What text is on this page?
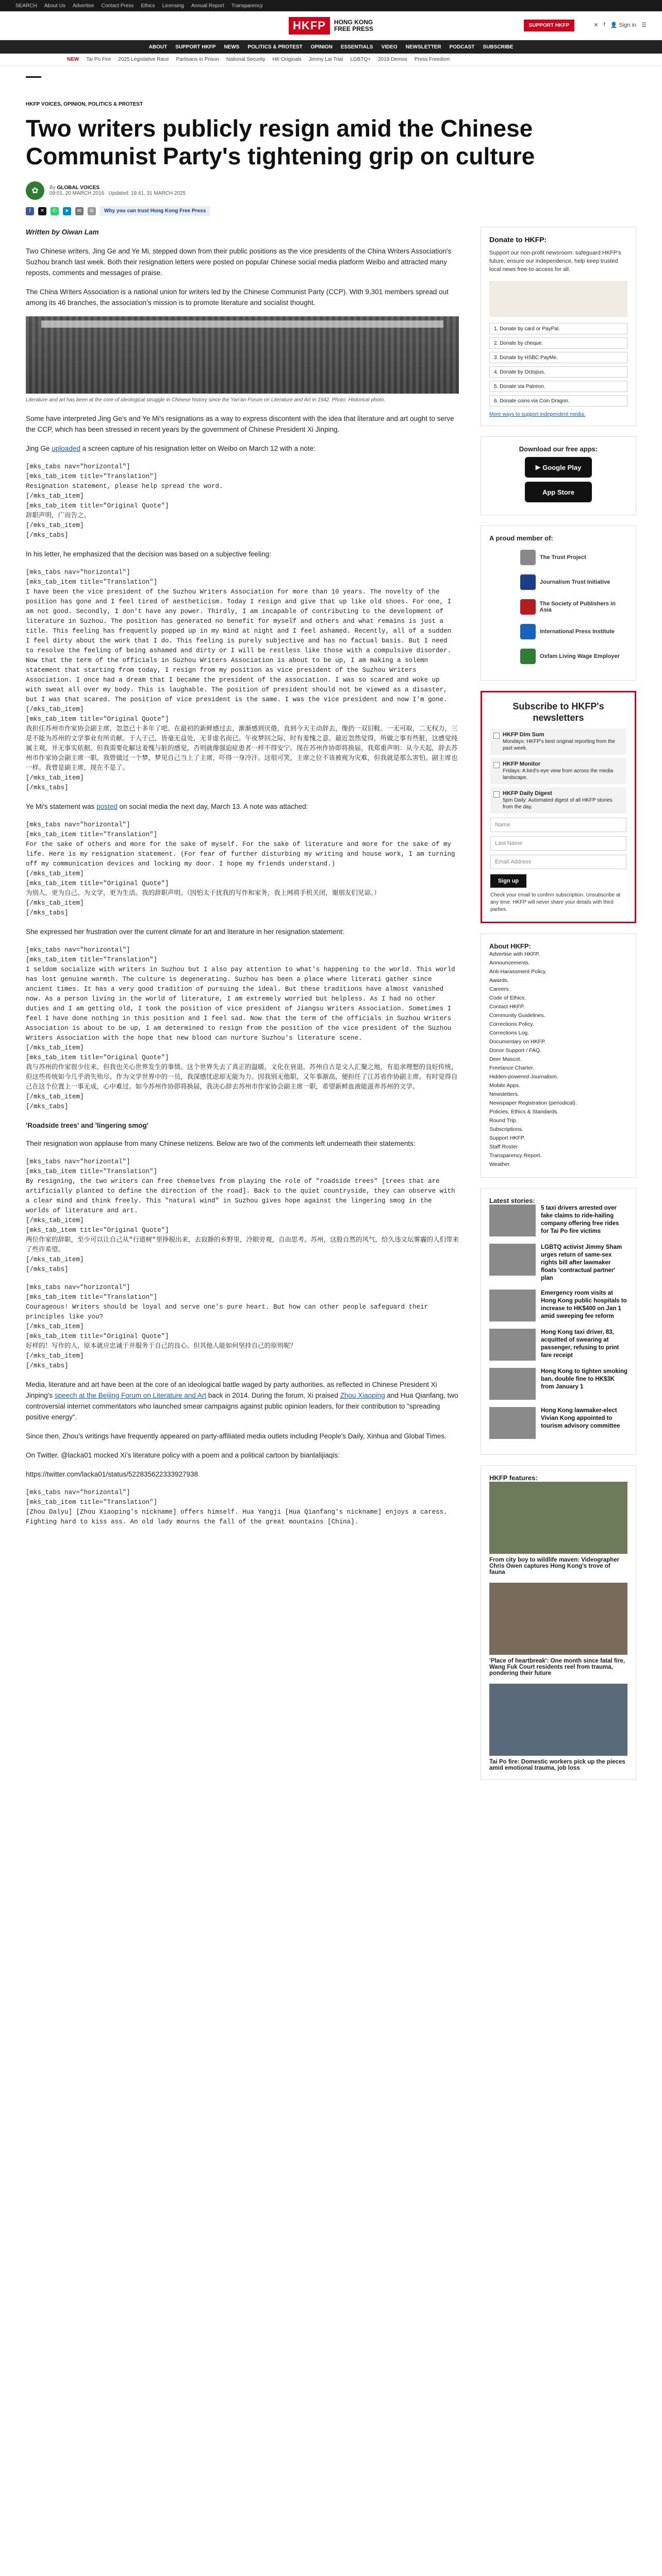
SEARCH About Us Advertise Contact Press Ethics Licensing Annual Report Transparency
HKFP	HONG KONG
FREE PRESS	SUPPORT HKFP	✕ f 👤 Sign in ☰
ABOUT SUPPORT HKFP NEWS POLITICS & PROTEST OPINION ESSENTIALS VIDEO NEWSLETTER PODCAST SUBSCRIBE
NEW Tai Po Fire 2025 Legislative Race Partisans in Prison National Security HK Originals Jimmy Lai Trial LGBTQ+ 2019 Demos Press Freedom
HKFP VOICES, OPINION, POLITICS & PROTEST
Two writers publicly resign amid the Chinese Communist Party's tightening grip on culture
✿	By GLOBAL VOICES
09:01, 20 MARCH 2016 Updated: 19:41, 31 MARCH 2025
f	✕	✆	➤	✉	⧉	Why you can trust Hong Kong Free Press

Written by Oiwan Lam

Two Chinese writers, Jing Ge and Ye Mi, stepped down from their public positions as the vice presidents of the China Writers Association's Suzhou branch last week. Both their resignation letters were posted on popular Chinese social media platform Weibo and attracted many reposts, comments and messages of praise.

The China Writers Association is a national union for writers led by the Chinese Communist Party (CCP). With 9,301 members spread out among its 46 branches, the association's mission is to promote literature and socialist thought.

Literature and art has been at the core of ideological struggle in Chinese history since the Yan'an Forum on Literature and Art in 1942. Photo: Historical photo.

Some have interpreted Jing Ge's and Ye Mi's resignations as a way to express discontent with the idea that literature and art ought to serve the CCP, which has been stressed in recent years by the government of Chinese President Xi Jinping.

Jing Ge uploaded a screen capture of his resignation letter on Weibo on March 12 with a note:

[mks_tabs nav="horizontal"]
[mks_tab_item title="Translation"]
Resignation statement, please help spread the word.
[/mks_tab_item]
[mks_tab_item title="Original Quote"]
辞职声明，广而告之。
[/mks_tab_item]
[/mks_tabs]

In his letter, he emphasized that the decision was based on a subjective feeling:

[mks_tabs nav="horizontal"]
[mks_tab_item title="Translation"]
I have been the vice president of the Suzhou Writers Association for more than 10 years. The novelty of the position has gone and I feel tired of aestheticism. Today I resign and give that up like old shoes. For one, I am not good. Secondly, I don't have any power. Thirdly, I am incapable of contributing to the development of literature in Suzhou. The position has generated no benefit for myself and others and what remains is just a title. This feeling has frequently popped up in my mind at night and I feel ashamed. Recently, all of a sudden I feel dirty about the work that I do. This feeling is purely subjective and has no factual basis. But I need to resolve the feeling of being ashamed and dirty or I will be restless like those with a compulsive disorder. Now that the term of the officials in Suzhou Writers Association is about to be up, I am making a solemn statement that starting from today, I resign from my position as vice president of the Suzhou Writers Association. I once had a dream that I became the president of the association. I was so scared and woke up with sweat all over my body. This is laughable. The position of president should not be viewed as a disaster, but I was that scared. The position of vice president is the same. I was the vice president and now I'm gone.
[/mks_tab_item]
[mks_tab_item title="Original Quote"]
我担任苏州市作家协会副主席，忽忽已十多年了吧。在最初的新鲜感过去，渐渐感到厌倦，直到今天主动辞去，像扔一双旧鞋。一无可取，二无权力，三是不能为苏州的文学事业有所贡献。于人于己，皆毫无益处，无非虚名而已。午夜梦回之际，时有羞愧之意。最近忽然觉得，所做之事有些脏，这感觉纯属主观，并无事实依据。但我需要化解这羞愧与脏的感觉，否则就像强迫症患者一样不得安宁。现在苏州作协即将换届，我郑重声明：从今天起，辞去苏州市作家协会副主席一职。我曾做过一个梦，梦见自己当上了主席，吓得一身冷汗。这很可笑，主席之位不该被视为灾难，但我就是那么害怕。副主席也一样。我曾是副主席，现在不是了。
[/mks_tab_item]
[/mks_tabs]

Ye Mi's statement was posted on social media the next day, March 13. A note was attached:

[mks_tabs nav="horizontal"]
[mks_tab_item title="Translation"]
For the sake of others and more for the sake of myself. For the sake of literature and more for the sake of my life. Here is my resignation statement. (For fear of further disturbing my writing and house work, I am turning off my communication devices and locking my door. I hope my friends understand.)
[/mks_tab_item]
[mks_tab_item title="Original Quote"]
为别人，更为自己。为文学，更为生活。我的辞职声明。（因怕太干扰我的写作和家务，我上网将手机关闭，谢朋友们见谅。）
[/mks_tab_item]
[/mks_tabs]

She expressed her frustration over the current climate for art and literature in her resignation statement:

[mks_tabs nav="horizontal"]
[mks_tab_item title="Translation"]
I seldom socialize with writers in Suzhou but I also pay attention to what's happening to the world. This world has lost genuine warmth. The culture is degenerating. Suzhou has been a place where literati gather since ancient times. It has a very good tradition of pursuing the ideal. But these traditions have almost vanished now. As a person living in the world of literature, I am extremely worried but helpless. As I had no other duties and I am getting old, I took the position of vice president of Jiangsu Writers Association. Sometimes I feel I have done nothing in this position and I feel sad. Now that the term of the officials in Suzhou Writers Association is about to be up, I am determined to resign from the position of the vice president of the Suzhou Writers Association with the hope that new blood can nurture Suzhou's literature scene.
[/mks_tab_item]
[mks_tab_item title="Original Quote"]
我与苏州的作家很少往来，但我也关心世界发生的事情。这个世界失去了真正的温暖，文化在衰退。苏州自古是文人汇聚之地，有追求理想的良好传统，但这些传统如今几乎消失殆尽。作为文学世界中的一员，我深感忧虑却无能为力。因我别无他职，又年事渐高，便担任了江苏省作协副主席。有时觉得自己在这个位置上一事无成，心中难过。如今苏州作协即将换届，我决心辞去苏州市作家协会副主席一职，希望新鲜血液能滋养苏州的文学。
[/mks_tab_item]
[/mks_tabs]
'Roadside trees' and 'lingering smog'

Their resignation won applause from many Chinese netizens. Below are two of the comments left underneath their statements:

[mks_tabs nav="horizontal"]
[mks_tab_item title="Translation"]
By resigning, the two writers can free themselves from playing the role of "roadside trees" [trees that are artificially planted to define the direction of the road]. Back to the quiet countryside, they can observe with a clear mind and think freely. This "natural wind" in Suzhou gives hope against the lingering smog in the worlds of literature and art.
[/mks_tab_item]
[mks_tab_item title="Original Quote"]
两位作家的辞职，至少可以让自己从"行道树"里挣脱出来，去寂静的乡野里，冷眼旁观，自由思考。苏州，这股自然的风气，给久违文坛雾霾的人们带来了些许希望。
[/mks_tab_item]
[/mks_tabs]
[mks_tabs nav="horizontal"]
[mks_tab_item title="Translation"]
Courageous! Writers should be loyal and serve one's pure heart. But how can other people safeguard their principles like you?
[/mks_tab_item]
[mks_tab_item title="Original Quote"]
好样的！写作的人，原本就应忠诚于并服务于自己的良心。但其他人能如何坚持自己的原则呢？
[/mks_tab_item]
[/mks_tabs]

Media, literature and art have been at the core of an ideological battle waged by party authorities, as reflected in Chinese President Xi Jinping's speech at the Beijing Forum on Literature and Art back in 2014. During the forum, Xi praised Zhou Xiaoping and Hua Qianfang, two controversial internet commentators who launched smear campaigns against public opinion leaders, for their contribution to "spreading positive energy".

Since then, Zhou's writings have frequently appeared on party-affiliated media outlets including People's Daily, Xinhua and Global Times.

On Twitter, @lacka01 mocked Xi's literature policy with a poem and a political cartoon by bianlalijiaqis:

https://twitter.com/lacka01/status/522835622333927938

[mks_tabs nav="horizontal"]
[mks_tab_item title="Translation"]
[Zhou Dalyu] [Zhou Xiaoping's nickname] offers himself. Hua Yangji [Hua Qianfang's nickname] enjoys a caress. Fighting hard to kiss ass. An old lady mourns the fall of the great mountains [China].
Donate to HKFP:

Support our non-profit newsroom: safeguard HKFP's future, ensure our independence, help keep trusted local news free-to-access for all.

1. Donate by card or PayPal.
2. Donate by cheque.
3. Donate by HSBC PayMe.
4. Donate by Octopus.
5. Donate via Patreon.
6. Donate coins via Coin Dragon.

More ways to support independent media.

Download our free apps:
▶ Google Play
App Store
A proud member of:
The Trust Project
Journalism Trust Initiative
The Society of Publishers in Asia
International Press Institute
Oxfam Living Wage Employer
Subscribe to HKFP's newsletters
HKFP Dim Sum
Mondays: HKFP's best original reporting from the past week.
HKFP Monitor
Fridays: A bird's-eye view from across the media landscape.
HKFP Daily Digest
5pm Daily: Automated digest of all HKFP stories from the day.
Name
Last Name
Email Address
Sign up
Check your email to confirm subscription. Unsubscribe at any time. HKFP will never share your details with third parties.
About HKFP:
Advertise with HKFP.
Announcements.
Anti-Harassment Policy.
Awards.
Careers.
Code of Ethics.
Contact HKFP.
Community Guidelines.
Corrections Policy.
Corrections Log.
Documentary on HKFP.
Donor Support / FAQ.
Deer Mascot.
Freelance Charter.
Hidden-powered Journalism.
Mobile Apps.
Newsletters.
Newspaper Registration (periodical).
Policies, Ethics & Standards.
Round Trip.
Subscriptions.
Support HKFP.
Staff Roster.
Transparency Report.
Weather.
Latest stories:
5 taxi drivers arrested over fake claims to ride-hailing company offering free rides for Tai Po fire victims
LGBTQ activist Jimmy Sham urges return of same-sex rights bill after lawmaker floats 'contractual partner' plan
Emergency room visits at Hong Kong public hospitals to increase to HK$400 on Jan 1 amid sweeping fee reform
Hong Kong taxi driver, 83, acquitted of swearing at passenger, refusing to print fare receipt
Hong Kong to tighten smoking ban, double fine to HK$3K from January 1
Hong Kong lawmaker-elect Vivian Kong appointed to tourism advisory committee
HKFP features:
From city boy to wildlife maven: Videographer Chris Owen captures Hong Kong's trove of fauna
'Place of heartbreak': One month since fatal fire, Wang Fuk Court residents reel from trauma, pondering their future
Tai Po fire: Domestic workers pick up the pieces amid emotional trauma, job loss
